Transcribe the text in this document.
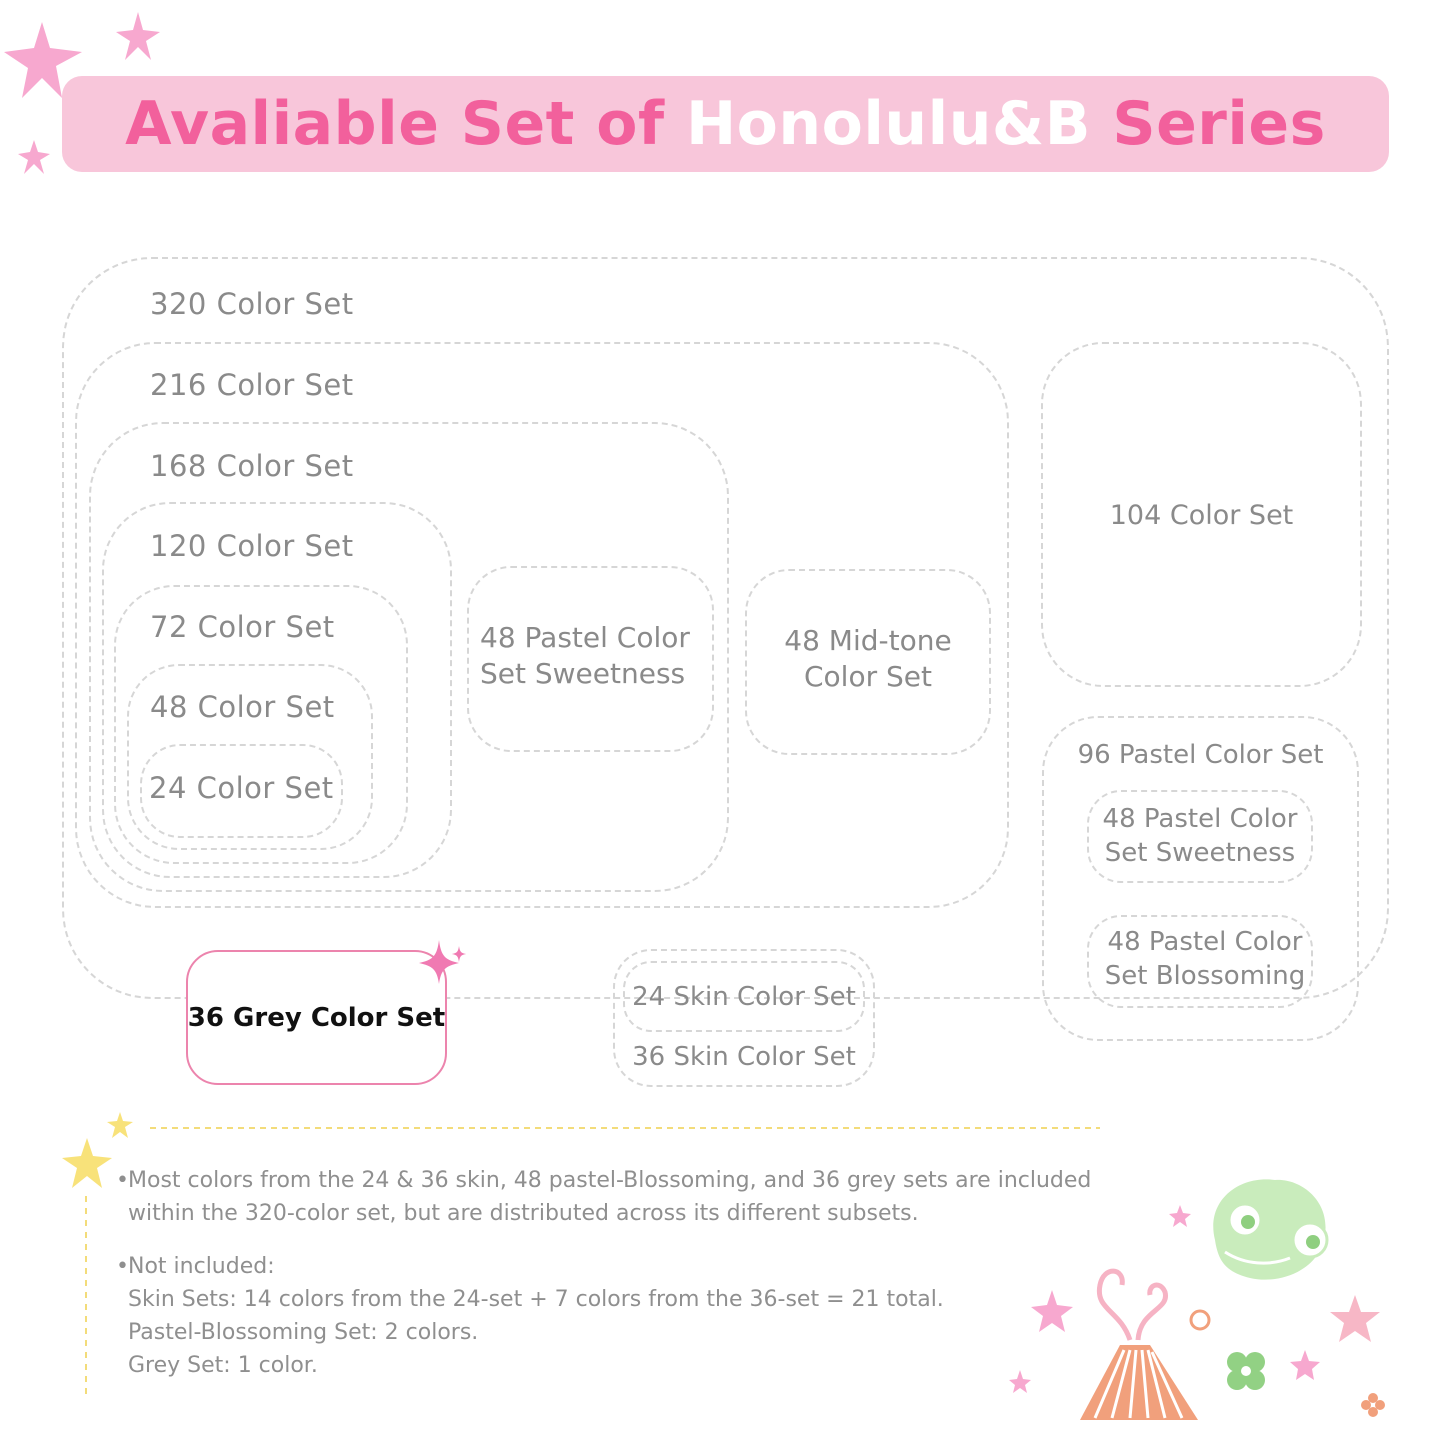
Avaliable Set of Honolulu&B Series
320 Color Set
216 Color Set
168 Color Set
120 Color Set
72 Color Set
48 Color Set
24 Color Set
48 Pastel Color
Set Sweetness
48 Mid-tone
Color Set
104 Color Set
96 Pastel Color Set
48 Pastel Color
Set Sweetness
48 Pastel Color
Set Blossoming
36 Grey Color Set
24 Skin Color Set
36 Skin Color Set

•Most colors from the 24 & 36 skin, 48 pastel-Blossoming, and 36 grey sets are included

within the 320-color set, but are distributed across its different subsets.

•Not included:

Skin Sets: 14 colors from the 24-set + 7 colors from the 36-set = 21 total.

Pastel-Blossoming Set: 2 colors.

Grey Set: 1 color.
